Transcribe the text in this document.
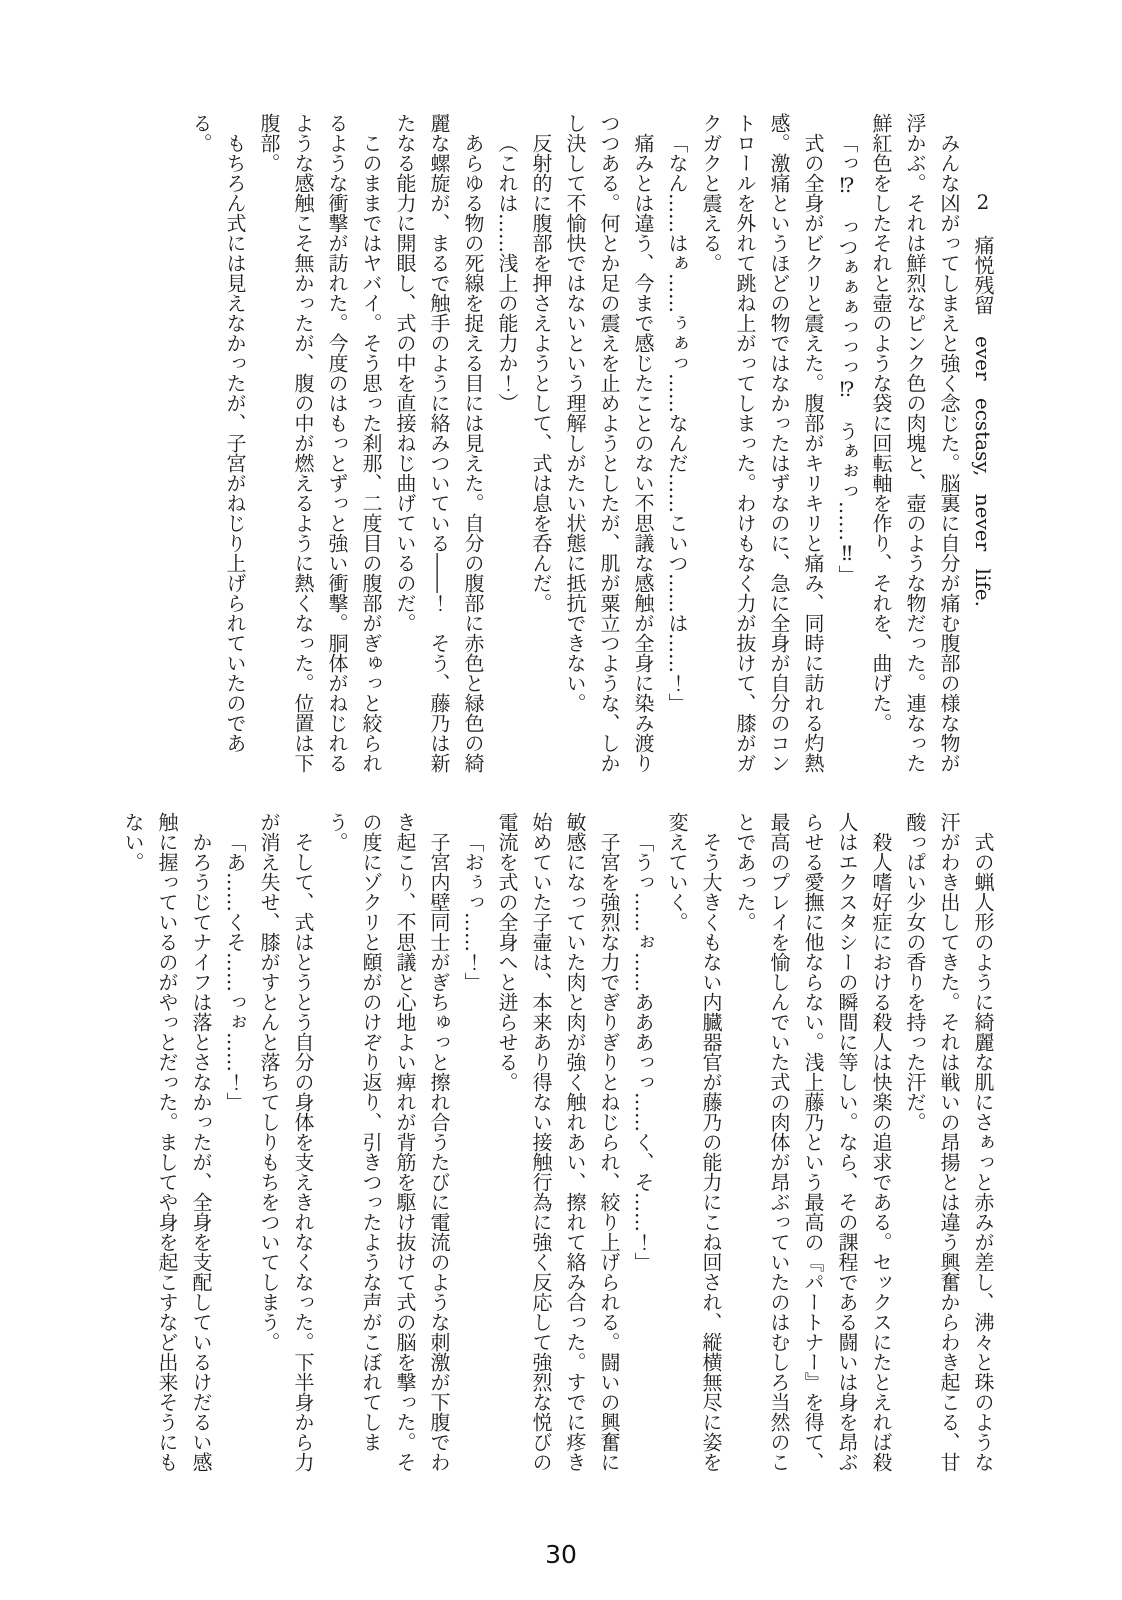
2痛悦残留ever ecstasy, never life.

みんな凶がってしまえと強く念じた。脳裏に自分が痛む腹部の様な物が浮かぶ。それは鮮烈なピンク色の肉塊と、壺のような物だった。連なった鮮紅色をしたそれと壺のような袋に回転軸を作り、それを、曲げた。

「っ⁉　っつぁぁぁっっっ⁉　うぁぉっ……‼」

式の全身がビクリと震えた。腹部がキリキリと痛み、同時に訪れる灼熱感。激痛というほどの物ではなかったはずなのに、急に全身が自分のコントロールを外れて跳ね上がってしまった。わけもなく力が抜けて、膝がガクガクと震える。

「なん……はぁ……ぅぁっ……なんだ……こいつ……は……！」

痛みとは違う、今まで感じたことのない不思議な感触が全身に染み渡りつつある。何とか足の震えを止めようとしたが、肌が粟立つような、しかし決して不愉快ではないという理解しがたい状態に抵抗できない。

反射的に腹部を押さえようとして、式は息を呑んだ。

（これは……浅上の能力か！）

あらゆる物の死線を捉える目には見えた。自分の腹部に赤色と緑色の綺麗な螺旋が、まるで触手のように絡みついている――！　そう、藤乃は新たなる能力に開眼し、式の中を直接ねじ曲げているのだ。

このままではヤバイ。そう思った刹那、二度目の腹部がぎゅっと絞られるような衝撃が訪れた。今度のはもっとずっと強い衝撃。胴体がねじれるような感触こそ無かったが、腹の中が燃えるように熱くなった。位置は下腹部。

もちろん式には見えなかったが、子宮がねじり上げられていたのである。

式の蝋人形のように綺麗な肌にさぁっと赤みが差し、沸々と珠のような汗がわき出してきた。それは戦いの昂揚とは違う興奮からわき起こる、甘酸っぱい少女の香りを持った汗だ。

殺人嗜好症における殺人は快楽の追求である。セックスにたとえれば殺人はエクスタシーの瞬間に等しい。なら、その課程である闘いは身を昂ぶらせる愛撫に他ならない。浅上藤乃という最高の『パートナー』を得て、最高のプレイを愉しんでいた式の肉体が昂ぶっていたのはむしろ当然のことであった。

そう大きくもない内臓器官が藤乃の能力にこね回され、縦横無尽に姿を変えていく。

「うっ……ぉ……あああっっ……く、そ……！」

子宮を強烈な力でぎりぎりとねじられ、絞り上げられる。闘いの興奮に敏感になっていた肉と肉が強く触れあい、擦れて絡み合った。すでに疼き始めていた子壷は、本来あり得ない接触行為に強く反応して強烈な悦びの電流を式の全身へと迸らせる。

「おぅっ……！」

子宮内壁同士がぎちゅっと擦れ合うたびに電流のような刺激が下腹でわき起こり、不思議と心地よい痺れが背筋を駆け抜けて式の脳を撃った。その度にゾクリと頤がのけぞり返り、引きつったような声がこぼれてしまう。

そして、式はとうとう自分の身体を支えきれなくなった。下半身から力が消え失せ、膝がすとんと落ちてしりもちをついてしまう。

「あ……くそ……っぉ……！」

かろうじてナイフは落とさなかったが、全身を支配しているけだるい感触に握っているのがやっとだった。ましてや身を起こすなど出来そうにもない。

30
